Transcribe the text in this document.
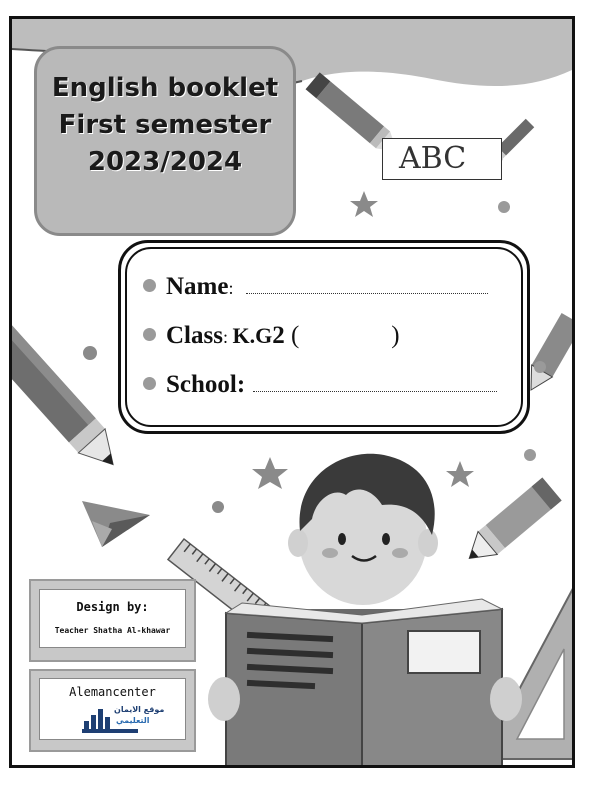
English booklet
First semester
2023/2024	ABC
Name:
Class: K.G2 (	)
School:
Design by:
Teacher Shatha Al-khawar
Alemancenter
موقع الايمان
التعليمي
